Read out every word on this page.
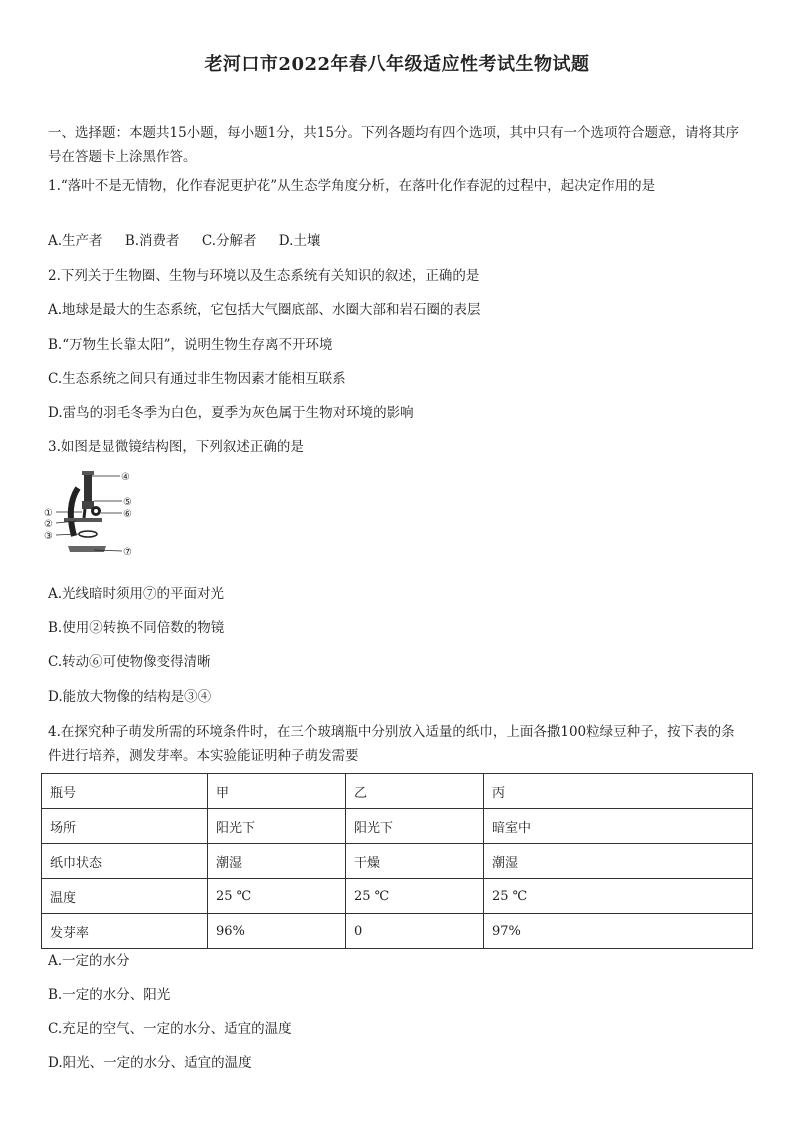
老河口市2022年春八年级适应性考试生物试题
一、选择题：本题共15小题，每小题1分，共15分。下列各题均有四个选项，其中只有一个选项符合题意，请将其序号在答题卡上涂黑作答。
1.“落叶不是无情物，化作春泥更护花”从生态学角度分析，在落叶化作春泥的过程中，起决定作用的是
A.生产者 B.消费者 C.分解者 D.土壤
2.下列关于生物圈、生物与环境以及生态系统有关知识的叙述，正确的是
A.地球是最大的生态系统，它包括大气圈底部、水圈大部和岩石圈的表层
B.“万物生长靠太阳”，说明生物生存离不开环境
C.生态系统之间只有通过非生物因素才能相互联系
D.雷鸟的羽毛冬季为白色，夏季为灰色属于生物对环境的影响
3.如图是显微镜结构图，下列叙述正确的是
④
⑤
⑥
①
②
③
⑦
A.光线暗时须用⑦的平面对光
B.使用②转换不同倍数的物镜
C.转动⑥可使物像变得清晰
D.能放大物像的结构是③④
4.在探究种子萌发所需的环境条件时，在三个玻璃瓶中分别放入适量的纸巾，上面各撒100粒绿豆种子，按下表的条件进行培养，测发芽率。本实验能证明种子萌发需要
瓶号	甲	乙	丙
场所	阳光下	阳光下	暗室中
纸巾状态	潮湿	干燥	潮湿
温度	25 ℃	25 ℃	25 ℃
发芽率	96%	0	97%
A.一定的水分
B.一定的水分、阳光
C.充足的空气、一定的水分、适宜的温度
D.阳光、一定的水分、适宜的温度
